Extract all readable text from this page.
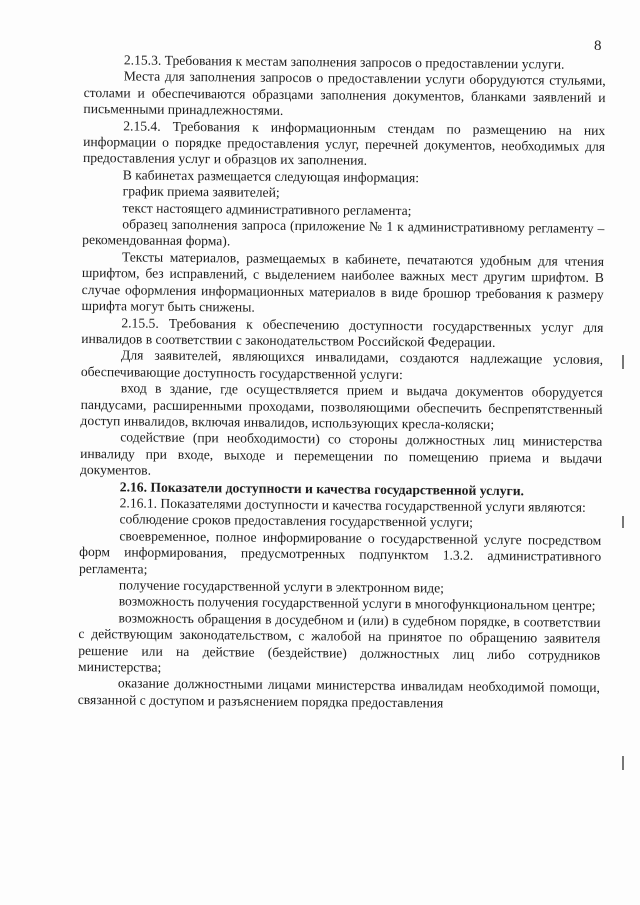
8

2.15.3. Требования к местам заполнения запросов о предоставлении услуги.

Места для заполнения запросов о предоставлении услуги оборудуются стульями, столами и обеспечиваются образцами заполнения документов, бланками заявлений и письменными принадлежностями.

2.15.4. Требования к информационным стендам по размещению на них информации о порядке предоставления услуг, перечней документов, необходимых для предоставления услуг и образцов их заполнения.

В кабинетах размещается следующая информация:

график приема заявителей;

текст настоящего административного регламента;

образец заполнения запроса (приложение № 1 к административному регламенту – рекомендованная форма).

Тексты материалов, размещаемых в кабинете, печатаются удобным для чтения шрифтом, без исправлений, с выделением наиболее важных мест другим шрифтом. В случае оформления информационных материалов в виде брошюр требования к размеру шрифта могут быть снижены.

2.15.5. Требования к обеспечению доступности государственных услуг для инвалидов в соответствии с законодательством Российской Федерации.

Для заявителей, являющихся инвалидами, создаются надлежащие условия, обеспечивающие доступность государственной услуги:

вход в здание, где осуществляется прием и выдача документов оборудуется пандусами, расширенными проходами, позволяющими обеспечить беспрепятственный доступ инвалидов, включая инвалидов, использующих кресла-коляски;

содействие (при необходимости) со стороны должностных лиц министерства инвалиду при входе, выходе и перемещении по помещению приема и выдачи документов.

2.16. Показатели доступности и качества государственной услуги.

2.16.1. Показателями доступности и качества государственной услуги являются:

соблюдение сроков предоставления государственной услуги;

своевременное, полное информирование о государственной услуге посредством форм информирования, предусмотренных подпунктом 1.3.2. административного регламента;

получение государственной услуги в электронном виде;

возможность получения государственной услуги в многофункциональном центре;

возможность обращения в досудебном и (или) в судебном порядке, в соответствии с действующим законодательством, с жалобой на принятое по обращению заявителя решение или на действие (бездействие) должностных лиц либо сотрудников министерства;

оказание должностными лицами министерства инвалидам необходимой помощи, связанной с доступом и разъяснением порядка предоставления
